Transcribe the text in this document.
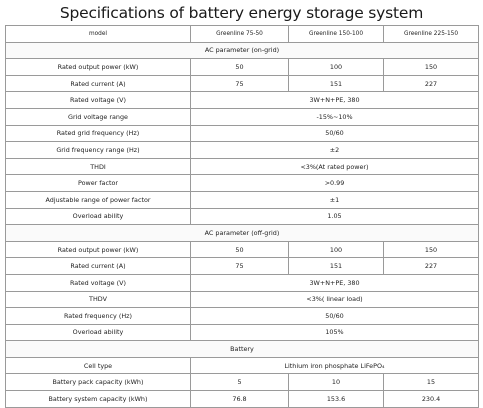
Specifications of battery energy storage system
model	Greenline 75-50	Greenline 150-100	Greenline 225-150
AC parameter (on-grid)			
Rated output power (kW)	50	100	150
Rated current (A)	75	151	227
Rated voltage (V)	3W+N+PE, 380		
Grid voltage range	-15%~10%		
Rated grid frequency (Hz)	50/60		
Grid frequency range (Hz)	±2		
THDI	<3%(At rated power)		
Power factor	>0.99		
Adjustable range of power factor	±1		
Overload ability	1.05		
AC parameter (off-grid)			
Rated output power (kW)	50	100	150
Rated current (A)	75	151	227
Rated voltage (V)	3W+N+PE, 380		
THDV	<3%( linear load)		
Rated frequency (Hz)	50/60		
Overload ability	105%		
Battery			
Cell type	Lithium iron phosphate LiFePO₄		
Battery pack capacity (kWh)	5	10	15
Battery system capacity (kWh)	76.8	153.6	230.4
